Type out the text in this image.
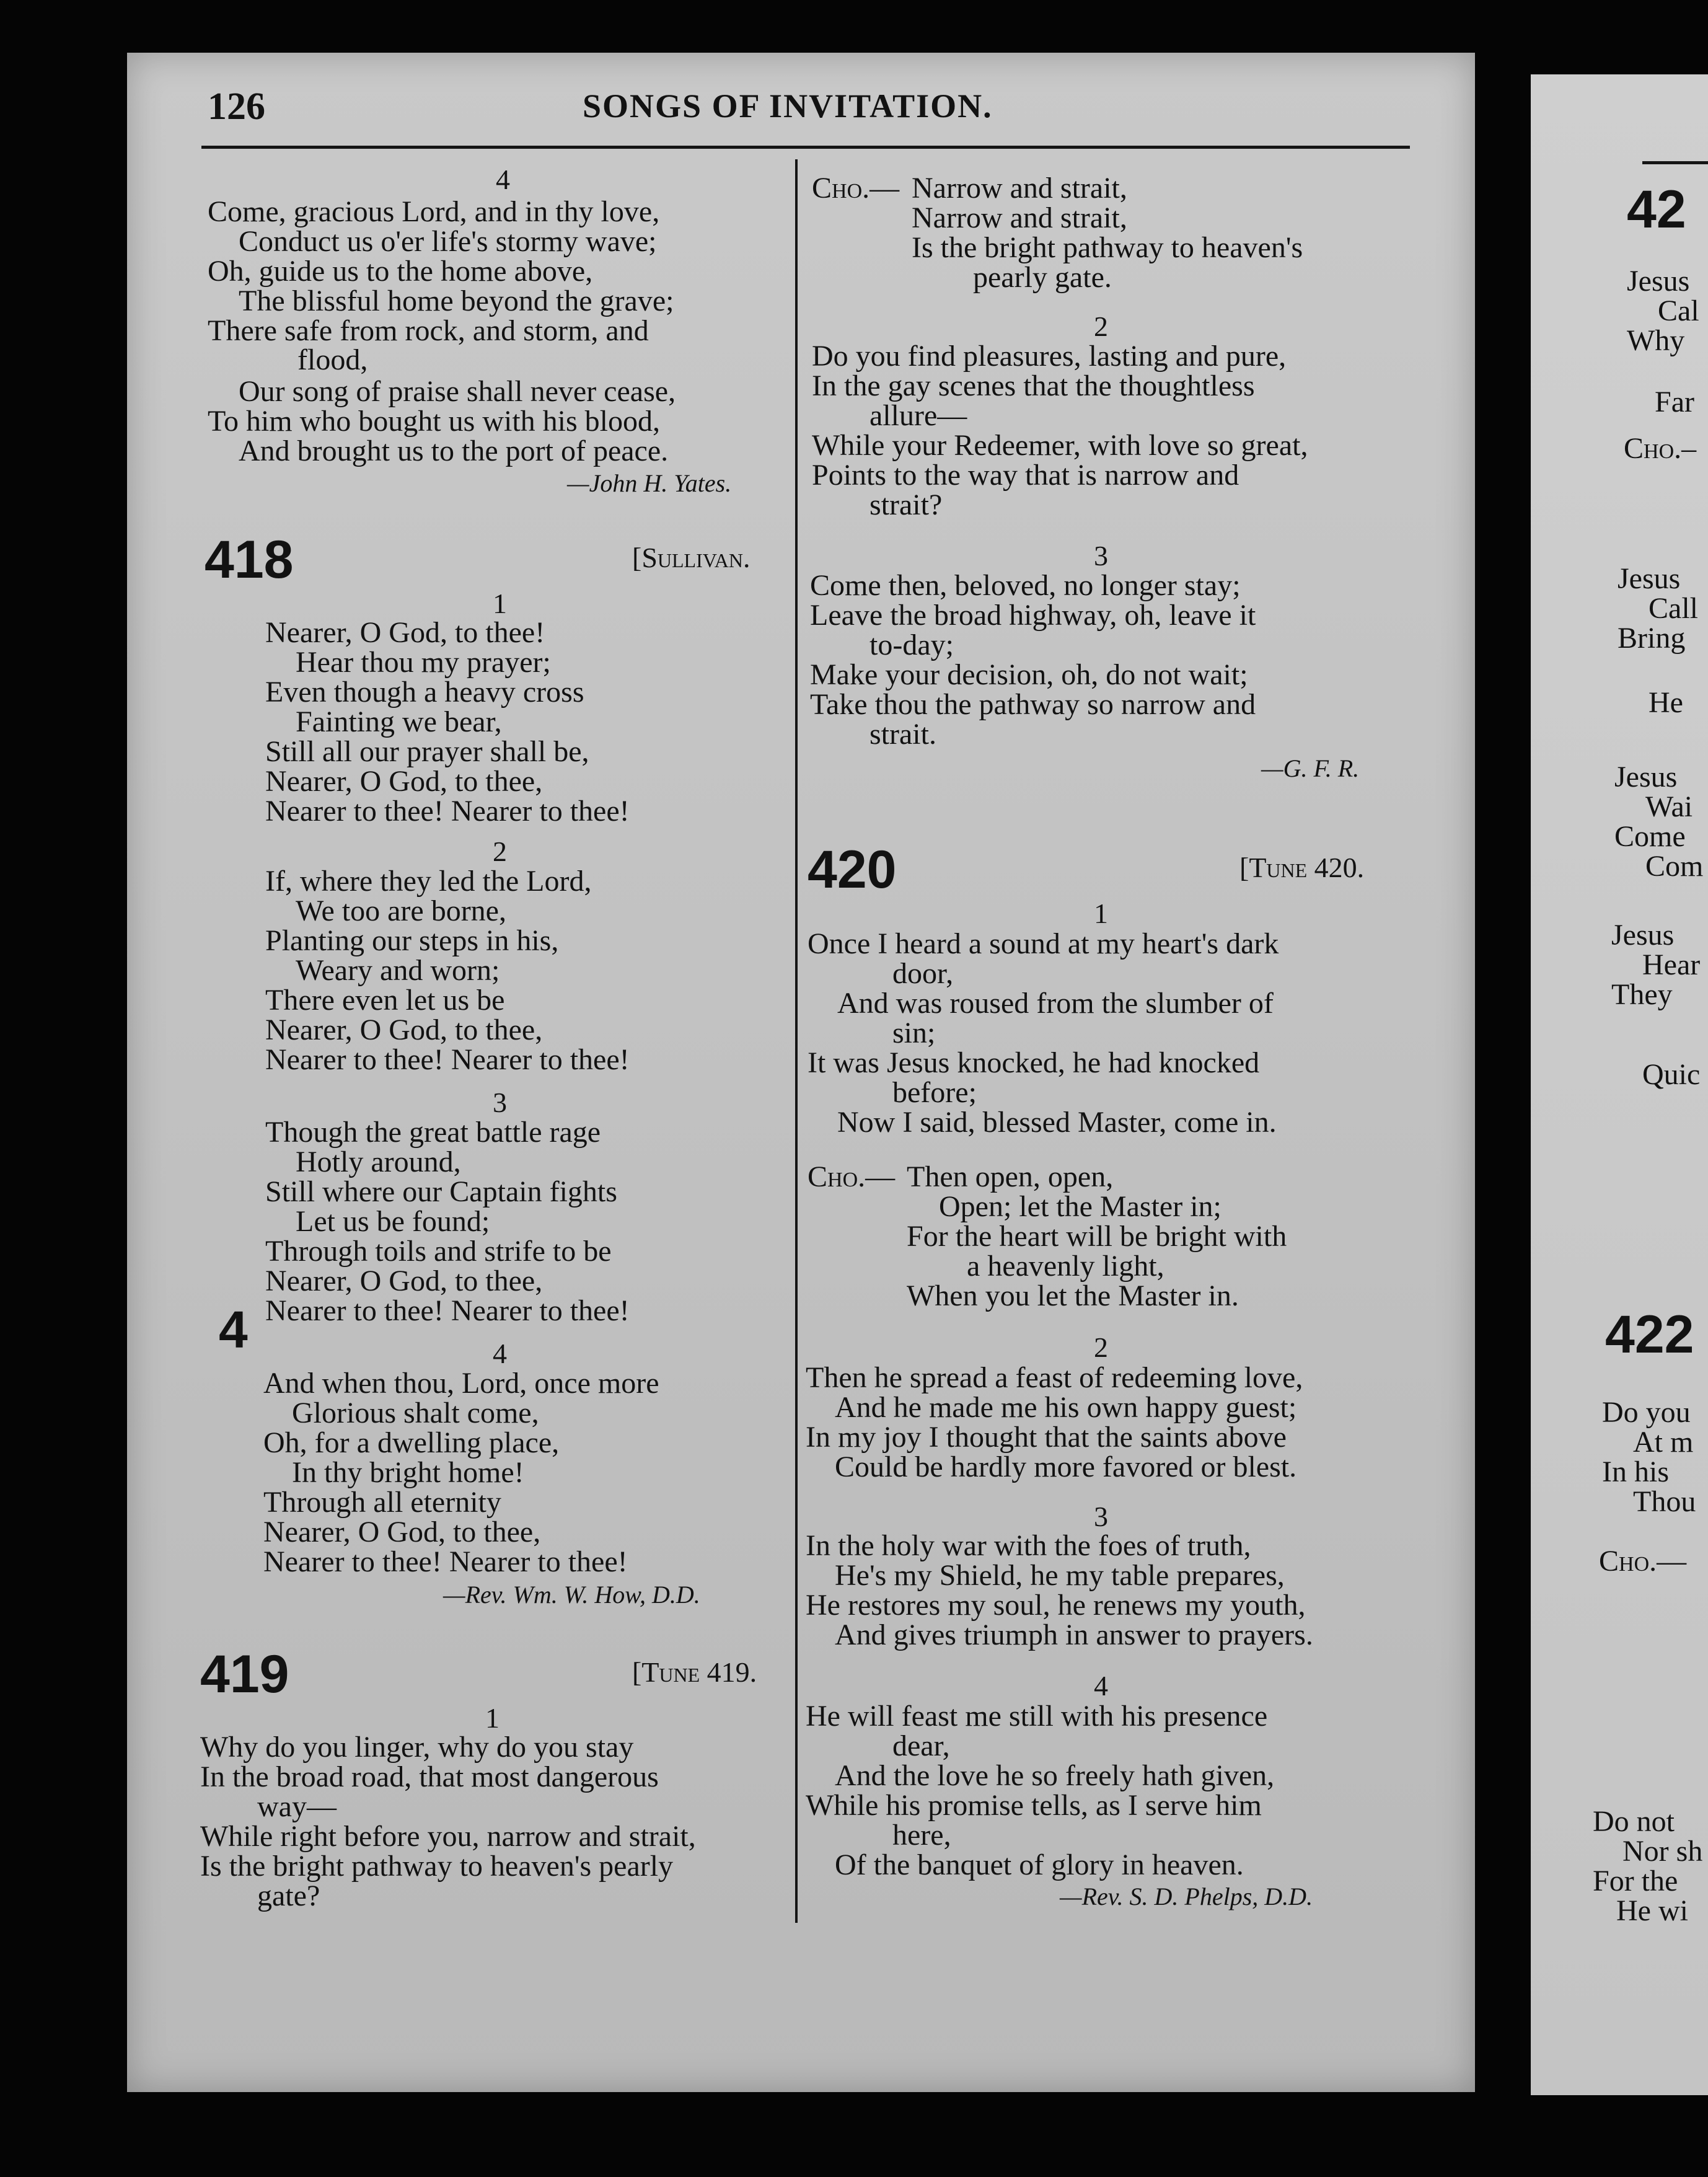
126	SONGS OF INVITATION.
4
4
Come, gracious Lord, and in thy love,
Conduct us o'er life's stormy wave;
Oh, guide us to the home above,
The blissful home beyond the grave;
There safe from rock, and storm, and
flood,
Our song of praise shall never cease,
To him who bought us with his blood,
And brought us to the port of peace.
—John H. Yates.
418	[Sullivan.
1
Nearer, O God, to thee!
Hear thou my prayer;
Even though a heavy cross
Fainting we bear,
Still all our prayer shall be,
Nearer, O God, to thee,
Nearer to thee! Nearer to thee!
2
If, where they led the Lord,
We too are borne,
Planting our steps in his,
Weary and worn;
There even let us be
Nearer, O God, to thee,
Nearer to thee! Nearer to thee!
3
Though the great battle rage
Hotly around,
Still where our Captain fights
Let us be found;
Through toils and strife to be
Nearer, O God, to thee,
Nearer to thee! Nearer to thee!
4
And when thou, Lord, once more
Glorious shalt come,
Oh, for a dwelling place,
In thy bright home!
Through all eternity
Nearer, O God, to thee,
Nearer to thee! Nearer to thee!
—Rev. Wm. W. How, D.D.
419	[Tune 419.
1
Why do you linger, why do you stay
In the broad road, that most dangerous
way—
While right before you, narrow and strait,
Is the bright pathway to heaven's pearly
gate?
Cho.— Narrow and strait,
Narrow and strait,
Is the bright pathway to heaven's
pearly gate.
2
Do you find pleasures, lasting and pure,
In the gay scenes that the thoughtless
allure—
While your Redeemer, with love so great,
Points to the way that is narrow and
strait?
3
Come then, beloved, no longer stay;
Leave the broad highway, oh, leave it
to-day;
Make your decision, oh, do not wait;
Take thou the pathway so narrow and
strait.
—G. F. R.
420	[Tune 420.
1
Once I heard a sound at my heart's dark
door,
And was roused from the slumber of
sin;
It was Jesus knocked, he had knocked
before;
Now I said, blessed Master, come in.
Cho.— Then open, open,
Open; let the Master in;
For the heart will be bright with
a heavenly light,
When you let the Master in.
2
Then he spread a feast of redeeming love,
And he made me his own happy guest;
In my joy I thought that the saints above
Could be hardly more favored or blest.
3
In the holy war with the foes of truth,
He's my Shield, he my table prepares,
He restores my soul, he renews my youth,
And gives triumph in answer to prayers.
4
He will feast me still with his presence
dear,
And the love he so freely hath given,
While his promise tells, as I serve him
here,
Of the banquet of glory in heaven.
—Rev. S. D. Phelps, D.D.
42
Jesus
Cal
Why
Far
Cho.–
Jesus
Call
Bring
He
Jesus
Wai
Come
Com
Jesus
Hear
They
Quic
422
Do you
At m
In his
Thou
Cho.—
Do not
Nor sh
For the
He wi
